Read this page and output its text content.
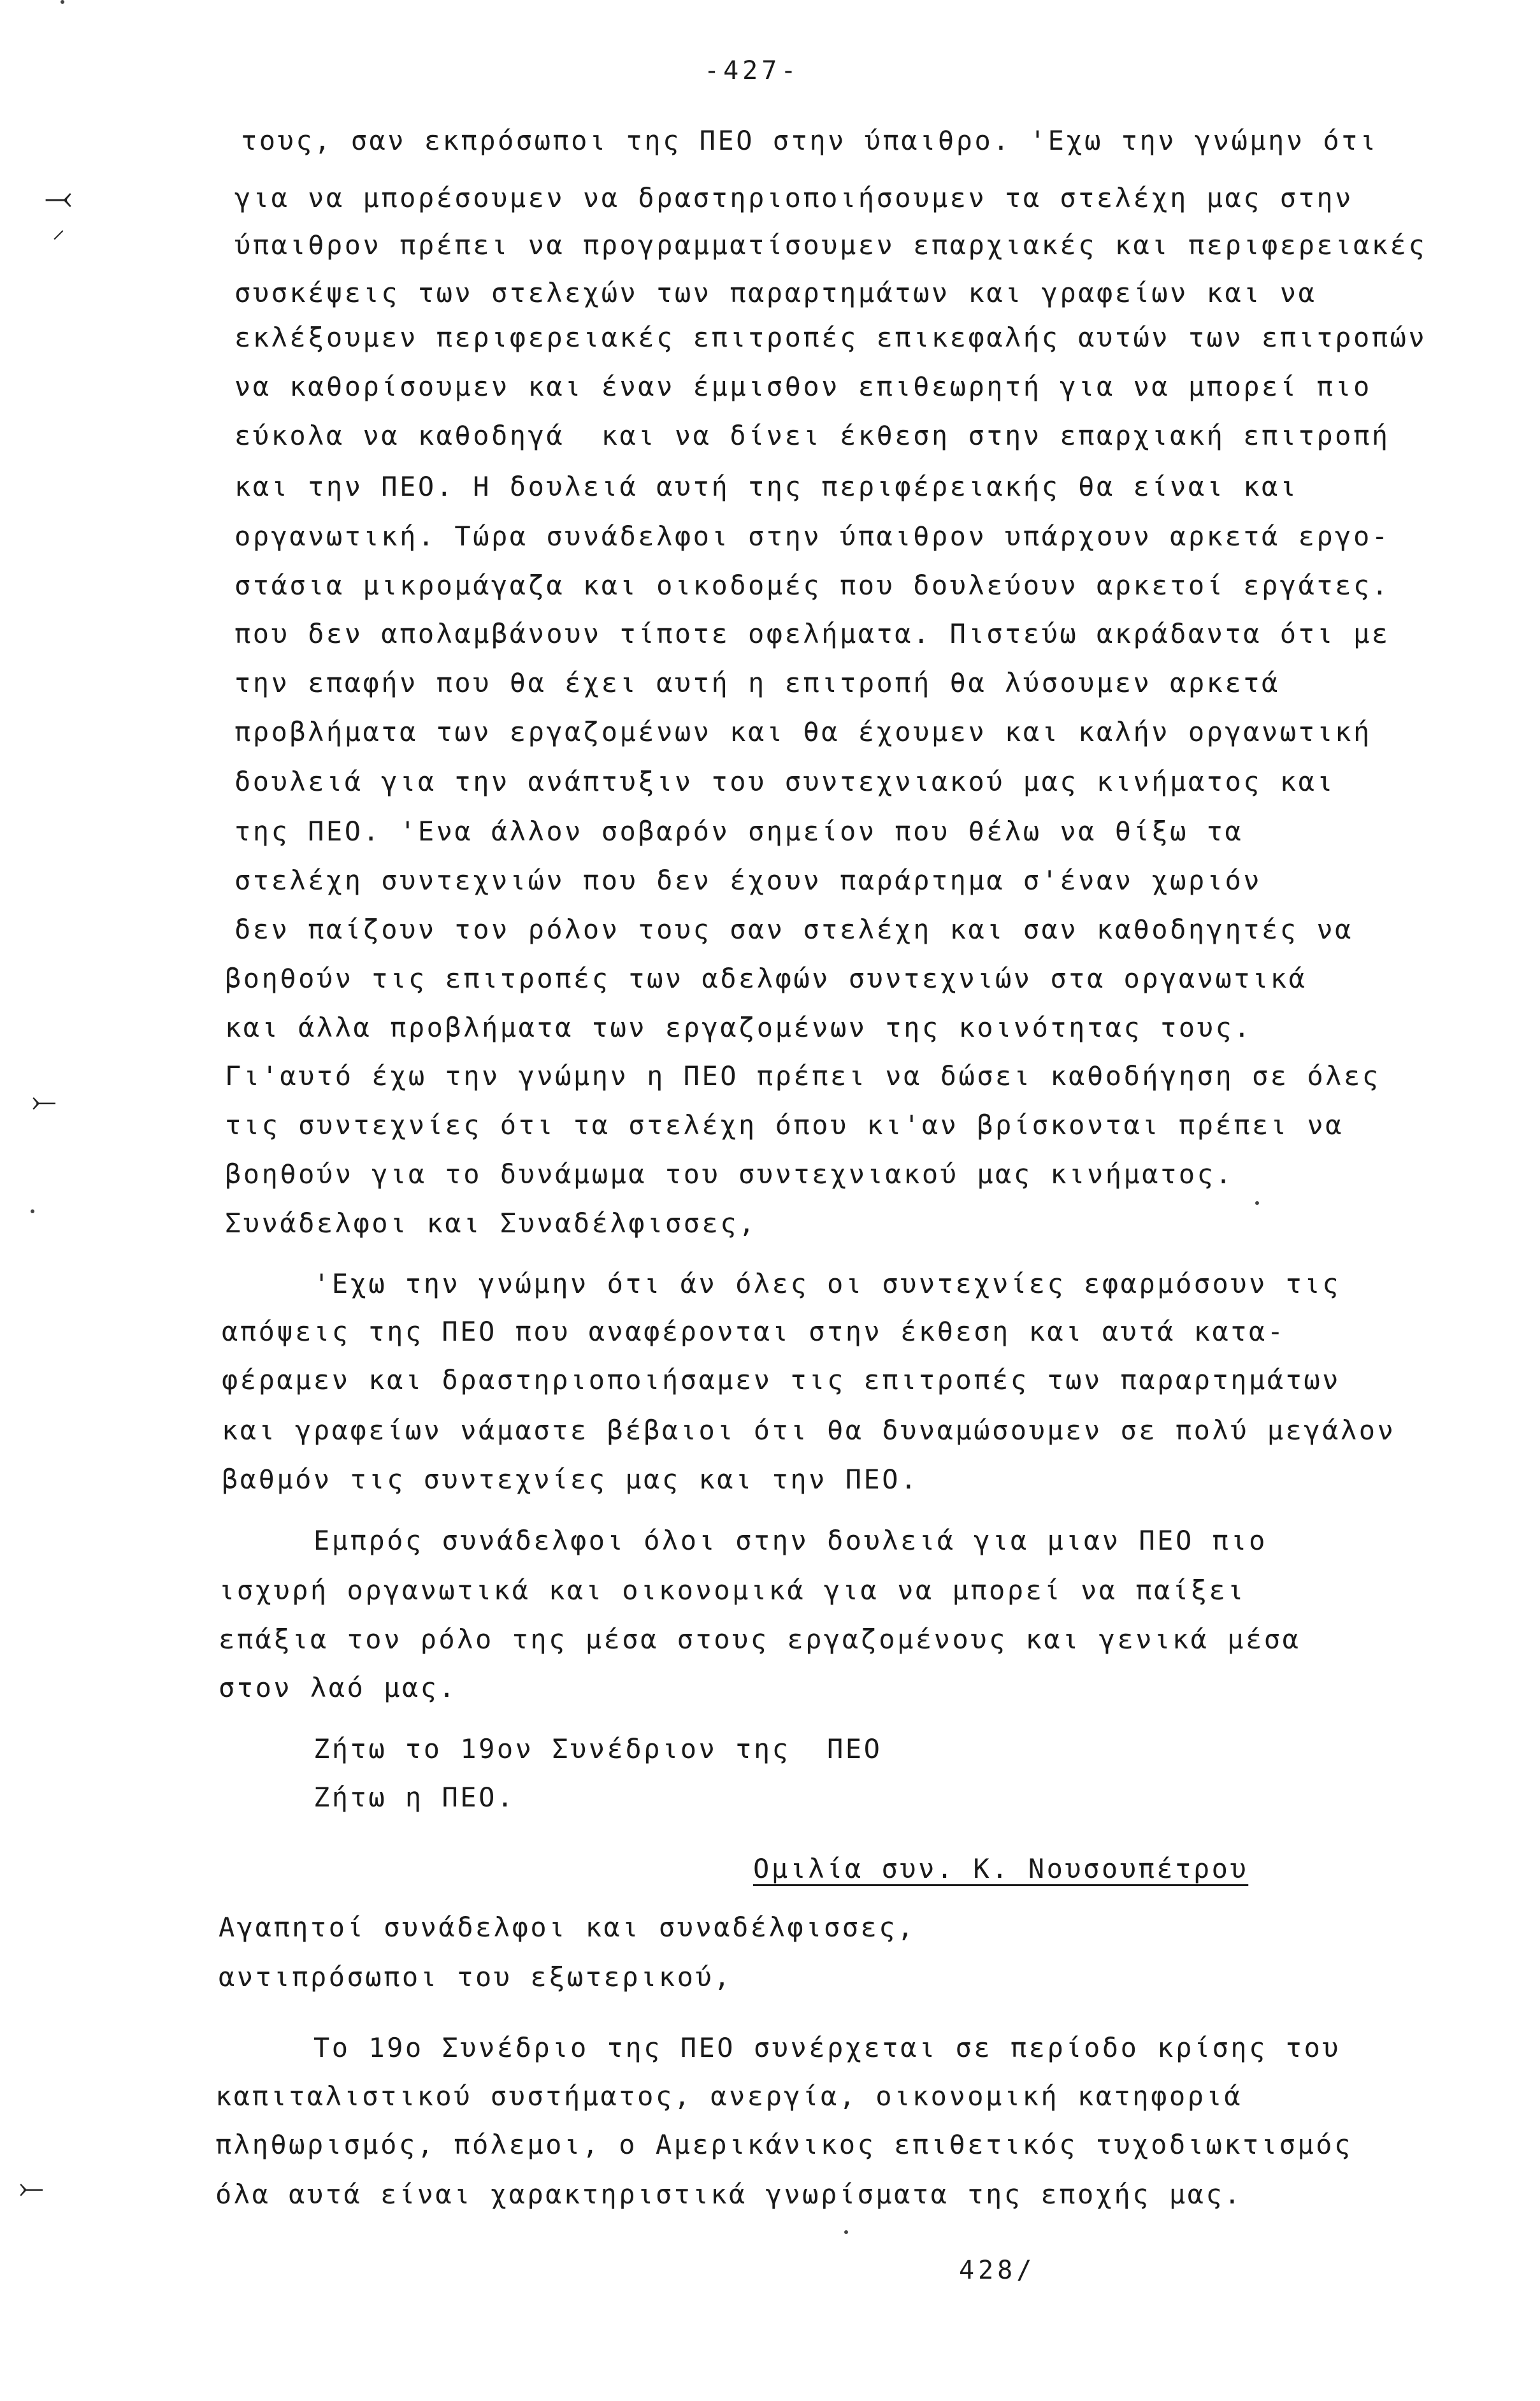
-427-
τους, σαν εκπρόσωποι της ΠΕΟ στην ύπαιθρο. 'Εχω την γνώμην ότι
για να μπορέσουμεν να δραστηριοποιήσουμεν τα στελέχη μας στην
ύπαιθρον πρέπει να προγραμματίσουμεν επαρχιακές και περιφερειακές
συσκέψεις των στελεχών των παραρτημάτων και γραφείων και να
εκλέξουμεν περιφερειακές επιτροπές επικεφαλής αυτών των επιτροπών
να καθορίσουμεν και έναν έμμισθον επιθεωρητή για να μπορεί πιο
εύκολα να καθοδηγά  και να δίνει έκθεση στην επαρχιακή επιτροπή
και την ΠΕΟ. Η δουλειά αυτή της περιφέρειακής θα είναι και
οργανωτική. Τώρα συνάδελφοι στην ύπαιθρον υπάρχουν αρκετά εργο-
στάσια μικρομάγαζα και οικοδομές που δουλεύουν αρκετοί εργάτες.
που δεν απολαμβάνουν τίποτε οφελήματα. Πιστεύω ακράδαντα ότι με
την επαφήν που θα έχει αυτή η επιτροπή θα λύσουμεν αρκετά
προβλήματα των εργαζομένων και θα έχουμεν και καλήν οργανωτική
δουλειά για την ανάπτυξιν του συντεχνιακού μας κινήματος και
της ΠΕΟ. 'Ενα άλλον σοβαρόν σημείον που θέλω να θίξω τα
στελέχη συντεχνιών που δεν έχουν παράρτημα σ'έναν χωριόν
δεν παίζουν τον ρόλον τους σαν στελέχη και σαν καθοδηγητές να
βοηθούν τις επιτροπές των αδελφών συντεχνιών στα οργανωτικά
και άλλα προβλήματα των εργαζομένων της κοινότητας τους.
Γι'αυτό έχω την γνώμην η ΠΕΟ πρέπει να δώσει καθοδήγηση σε όλες
τις συντεχνίες ότι τα στελέχη όπου κι'αν βρίσκονται πρέπει να
βοηθούν για το δυνάμωμα του συντεχνιακού μας κινήματος.
Συνάδελφοι και Συναδέλφισσες,
'Εχω την γνώμην ότι άν όλες οι συντεχνίες εφαρμόσουν τις
απόψεις της ΠΕΟ που αναφέρονται στην έκθεση και αυτά κατα-
φέραμεν και δραστηριοποιήσαμεν τις επιτροπές των παραρτημάτων
και γραφείων νάμαστε βέβαιοι ότι θα δυναμώσουμεν σε πολύ μεγάλον
βαθμόν τις συντεχνίες μας και την ΠΕΟ.
Εμπρός συνάδελφοι όλοι στην δουλειά για μιαν ΠΕΟ πιο
ισχυρή οργανωτικά και οικονομικά για να μπορεί να παίξει
επάξια τον ρόλο της μέσα στους εργαζομένους και γενικά μέσα
στον λαό μας.
Ζήτω το 19ον Συνέδριον της  ΠΕΟ
Ζήτω η ΠΕΟ.
Ομιλία συν. Κ. Νουσουπέτρου
Αγαπητοί συνάδελφοι και συναδέλφισσες,
αντιπρόσωποι του εξωτερικού,
Το 19ο Συνέδριο της ΠΕΟ συνέρχεται σε περίοδο κρίσης του
καπιταλιστικού συστήματος, ανεργία, οικονομική κατηφοριά
πληθωρισμός, πόλεμοι, ο Αμερικάνικος επιθετικός τυχοδιωκτισμός
όλα αυτά είναι χαρακτηριστικά γνωρίσματα της εποχής μας.
428/
⤙
⸝
⤚
⤚
